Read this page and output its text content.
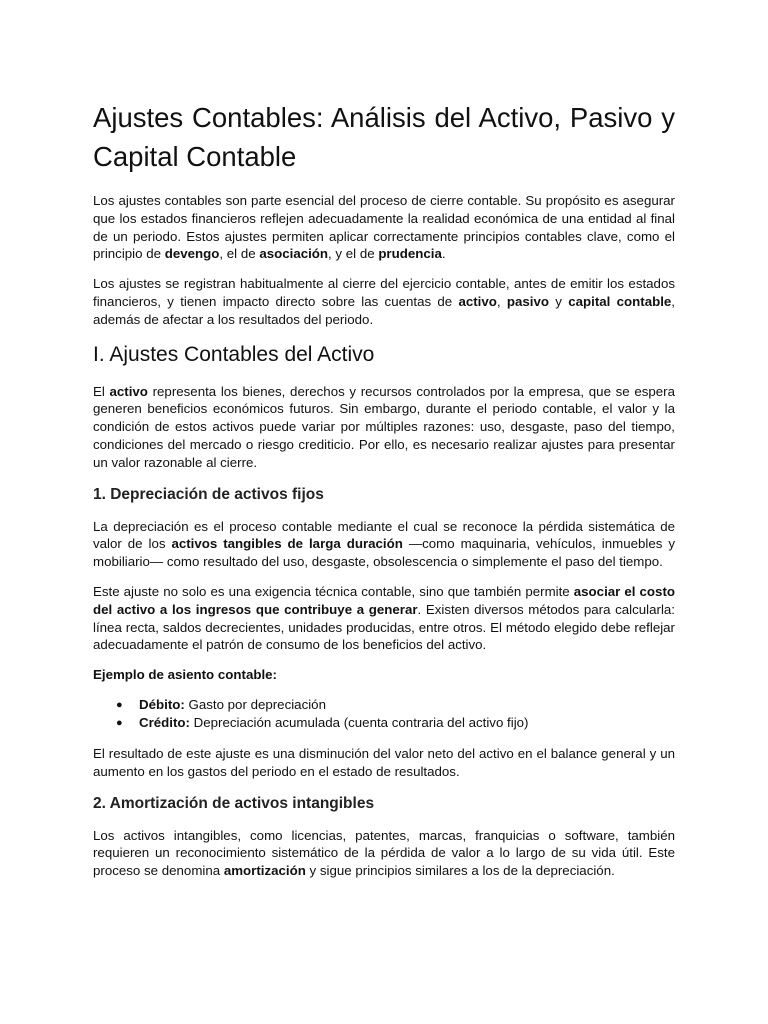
Ajustes Contables: Análisis del Activo, Pasivo y Capital Contable

Los ajustes contables son parte esencial del proceso de cierre contable. Su propósito es asegurar que los estados financieros reflejen adecuadamente la realidad económica de una entidad al final de un periodo. Estos ajustes permiten aplicar correctamente principios contables clave, como el principio de devengo, el de asociación, y el de prudencia.

Los ajustes se registran habitualmente al cierre del ejercicio contable, antes de emitir los estados financieros, y tienen impacto directo sobre las cuentas de activo, pasivo y capital contable, además de afectar a los resultados del periodo.

I. Ajustes Contables del Activo

El activo representa los bienes, derechos y recursos controlados por la empresa, que se espera generen beneficios económicos futuros. Sin embargo, durante el periodo contable, el valor y la condición de estos activos puede variar por múltiples razones: uso, desgaste, paso del tiempo, condiciones del mercado o riesgo crediticio. Por ello, es necesario realizar ajustes para presentar un valor razonable al cierre.

1. Depreciación de activos fijos

La depreciación es el proceso contable mediante el cual se reconoce la pérdida sistemática de valor de los activos tangibles de larga duración —como maquinaria, vehículos, inmuebles y mobiliario— como resultado del uso, desgaste, obsolescencia o simplemente el paso del tiempo.

Este ajuste no solo es una exigencia técnica contable, sino que también permite asociar el costo del activo a los ingresos que contribuye a generar. Existen diversos métodos para calcularla: línea recta, saldos decrecientes, unidades producidas, entre otros. El método elegido debe reflejar adecuadamente el patrón de consumo de los beneficios del activo.

Ejemplo de asiento contable:

● Débito: Gasto por depreciación
● Crédito: Depreciación acumulada (cuenta contraria del activo fijo)

El resultado de este ajuste es una disminución del valor neto del activo en el balance general y un aumento en los gastos del periodo en el estado de resultados.

2. Amortización de activos intangibles

Los activos intangibles, como licencias, patentes, marcas, franquicias o software, también requieren un reconocimiento sistemático de la pérdida de valor a lo largo de su vida útil. Este proceso se denomina amortización y sigue principios similares a los de la depreciación.
